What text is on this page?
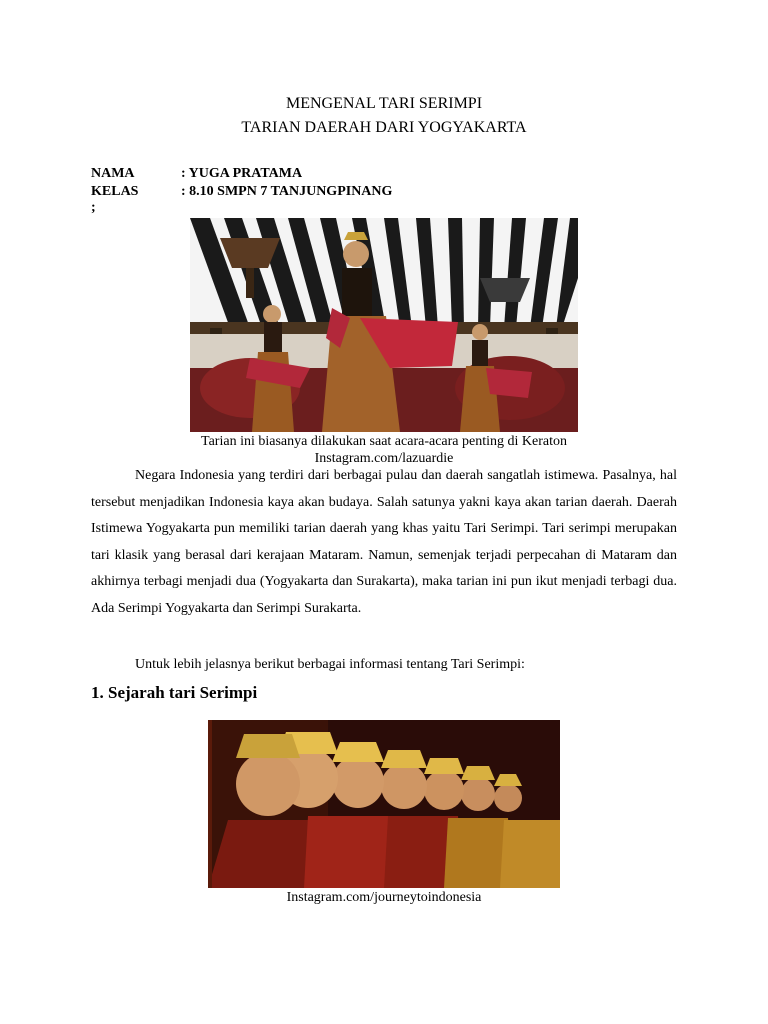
MENGENAL TARI SERIMPI
TARIAN DAERAH DARI YOGYAKARTA
NAMA	: YUGA PRATAMA
KELAS	: 8.10 SMPN 7 TANJUNGPINANG
;
Tarian ini biasanya dilakukan saat acara-acara penting di Keraton
Instagram.com/lazuardie

Negara Indonesia yang terdiri dari berbagai pulau dan daerah sangatlah istimewa. Pasalnya, hal tersebut menjadikan Indonesia kaya akan budaya. Salah satunya yakni kaya akan tarian daerah. Daerah Istimewa Yogyakarta pun memiliki tarian daerah yang khas yaitu Tari Serimpi. Tari serimpi merupakan tari klasik yang berasal dari kerajaan Mataram. Namun, semenjak terjadi perpecahan di Mataram dan akhirnya terbagi menjadi dua (Yogyakarta dan Surakarta), maka tarian ini pun ikut menjadi terbagi dua. Ada Serimpi Yogyakarta dan Serimpi Surakarta.

Untuk lebih jelasnya berikut berbagai informasi tentang Tari Serimpi:

1. Sejarah tari Serimpi
Instagram.com/journeytoindonesia
